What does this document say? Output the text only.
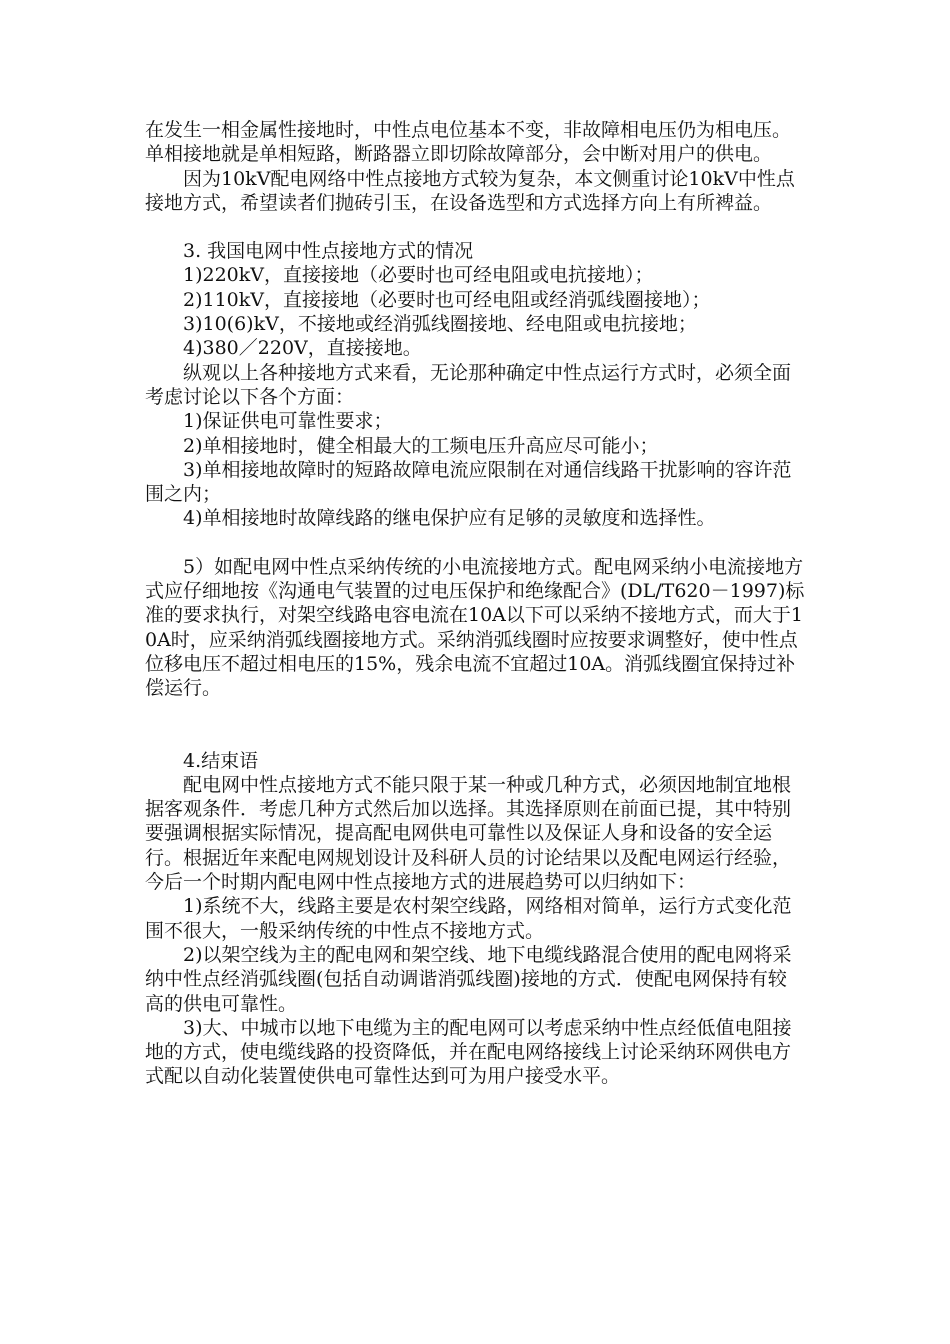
在发生一相金属性接地时，中性点电位基本不变，非故障相电压仍为相电压。单相接地就是单相短路，断路器立即切除故障部分，会中断对用户的供电。

因为10kV配电网络中性点接地方式较为复杂，本文侧重讨论10kV中性点接地方式，希望读者们抛砖引玉，在设备选型和方式选择方向上有所裨益。

3. 我国电网中性点接地方式的情况

1)220kV，直接接地（必要时也可经电阻或电抗接地）；

2)110kV，直接接地（必要时也可经电阻或经消弧线圈接地）；

3)10(6)kV，不接地或经消弧线圈接地、经电阻或电抗接地；

4)380／220V，直接接地。

纵观以上各种接地方式来看，无论那种确定中性点运行方式时，必须全面考虑讨论以下各个方面：

1)保证供电可靠性要求；

2)单相接地时，健全相最大的工频电压升高应尽可能小；

3)单相接地故障时的短路故障电流应限制在对通信线路干扰影响的容许范围之内；

4)单相接地时故障线路的继电保护应有足够的灵敏度和选择性。

5）如配电网中性点采纳传统的小电流接地方式。配电网采纳小电流接地方式应仔细地按《沟通电气装置的过电压保护和绝缘配合》(DL/T620－1997)标准的要求执行，对架空线路电容电流在10A以下可以采纳不接地方式，而大于10A时，应采纳消弧线圈接地方式。采纳消弧线圈时应按要求调整好，使中性点位移电压不超过相电压的15%，残余电流不宜超过10A。消弧线圈宜保持过补偿运行。

4.结束语

配电网中性点接地方式不能只限于某一种或几种方式，必须因地制宜地根据客观条件．考虑几种方式然后加以选择。其选择原则在前面已提，其中特别要强调根据实际情况，提高配电网供电可靠性以及保证人身和设备的安全运行。根据近年来配电网规划设计及科研人员的讨论结果以及配电网运行经验，今后一个时期内配电网中性点接地方式的进展趋势可以归纳如下：

1)系统不大，线路主要是农村架空线路，网络相对简单，运行方式变化范围不很大，一般采纳传统的中性点不接地方式。

2)以架空线为主的配电网和架空线、地下电缆线路混合使用的配电网将采纳中性点经消弧线圈(包括自动调谐消弧线圈)接地的方式．使配电网保持有较高的供电可靠性。

3)大、中城市以地下电缆为主的配电网可以考虑采纳中性点经低值电阻接地的方式，使电缆线路的投资降低，并在配电网络接线上讨论采纳环网供电方式配以自动化装置使供电可靠性达到可为用户接受水平。
